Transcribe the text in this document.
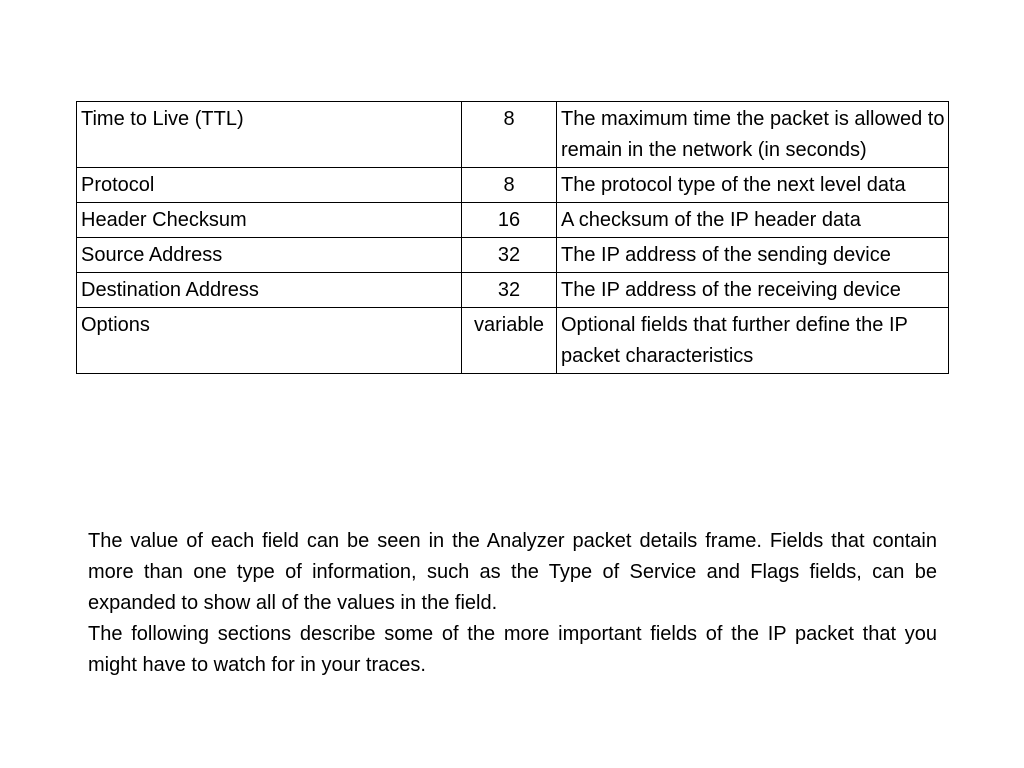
Time to Live (TTL)	8	The maximum time the packet is allowed to remain in the network (in seconds)
Protocol	8	The protocol type of the next level data
Header Checksum	16	A checksum of the IP header data
Source Address	32	The IP address of the sending device
Destination Address	32	The IP address of the receiving device
Options	variable	Optional fields that further define the IP packet characteristics

The value of each field can be seen in the Analyzer packet details frame. Fields that contain more than one type of information, such as the Type of Service and Flags fields, can be expanded to show all of the values in the field.

The following sections describe some of the more important fields of the IP packet that you might have to watch for in your traces.
